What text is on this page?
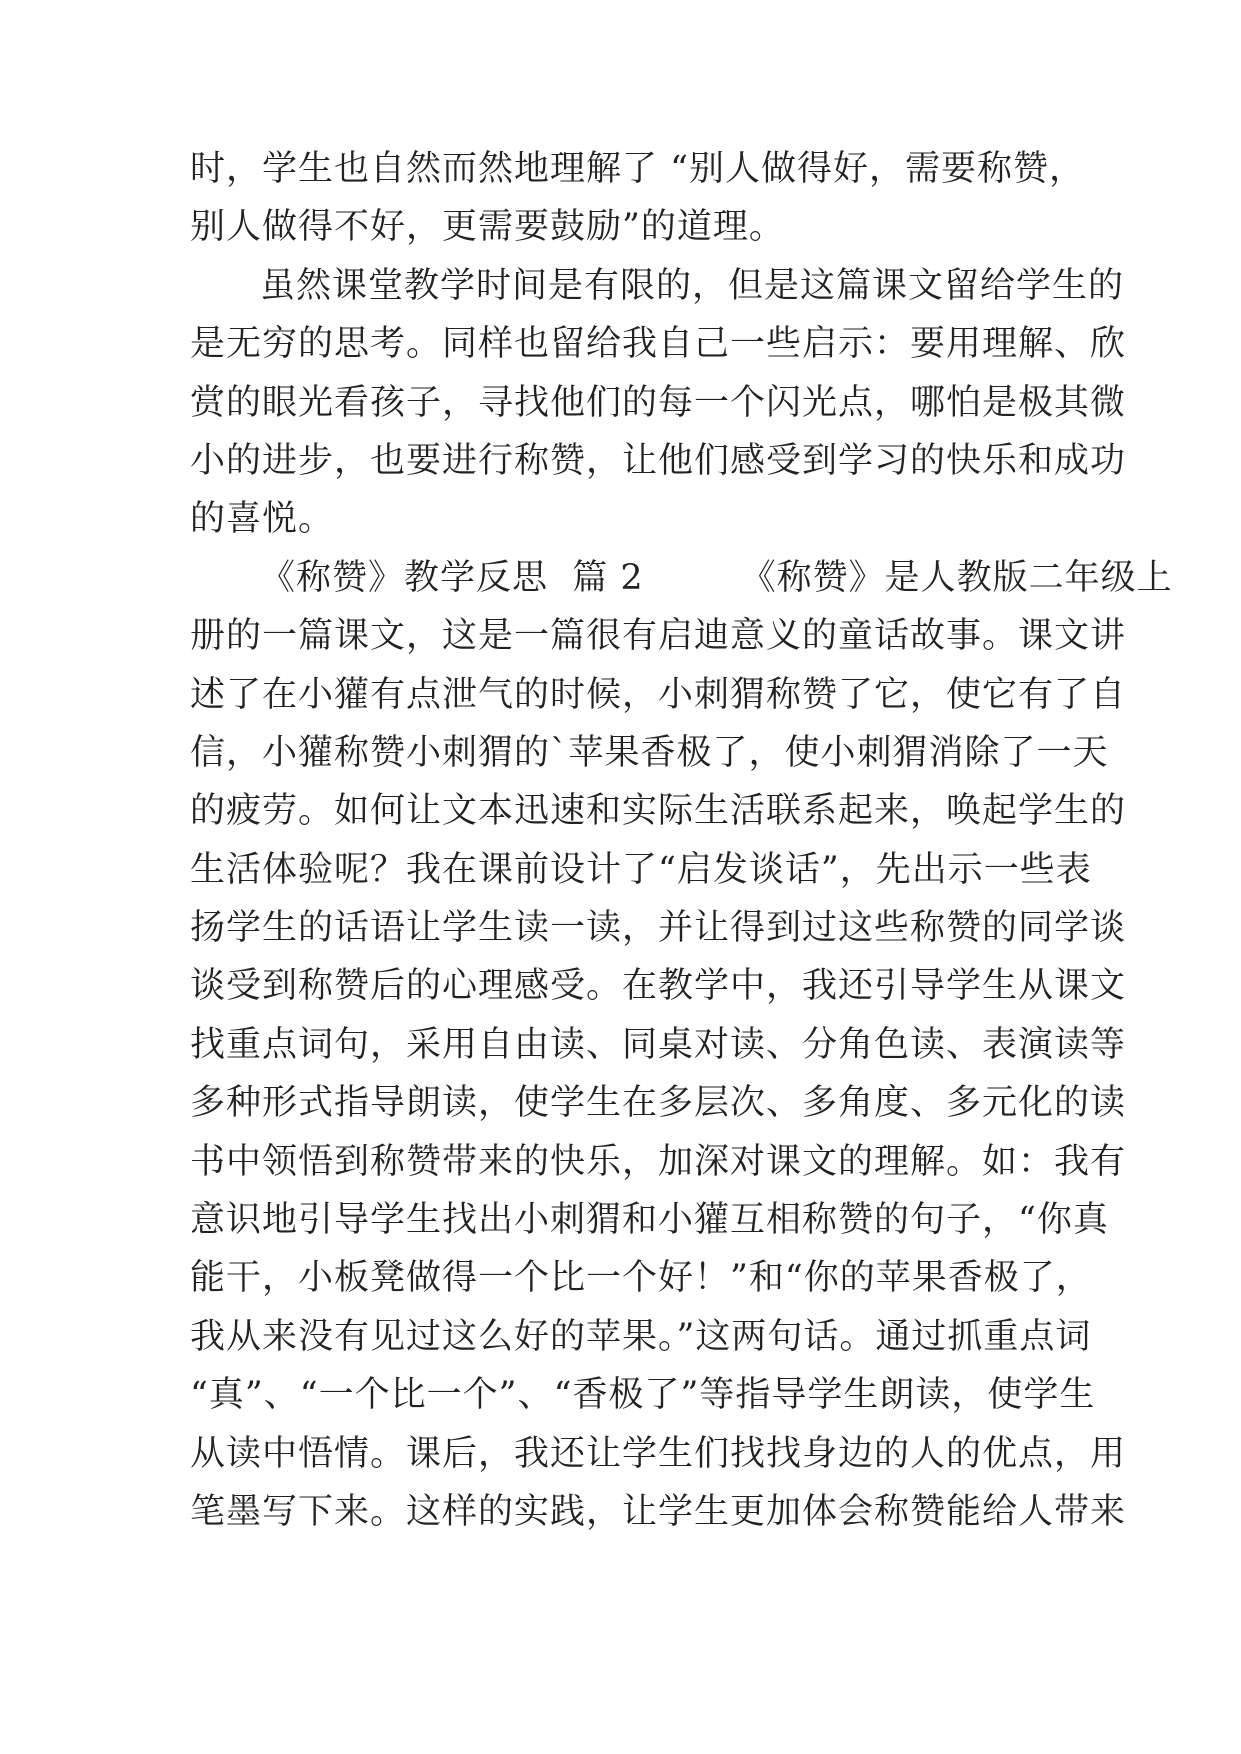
时，学生也自然而然地理解了 “别人做得好，需要称赞，
别人做得不好，更需要鼓励”的道理。
虽然课堂教学时间是有限的，但是这篇课文留给学生的
是无穷的思考。同样也留给我自己一些启示：要用理解、欣
赏的眼光看孩子，寻找他们的每一个闪光点，哪怕是极其微
小的进步，也要进行称赞，让他们感受到学习的快乐和成功
的喜悦。
《称赞》教学反思  篇 2        《称赞》是人教版二年级上
册的一篇课文，这是一篇很有启迪意义的童话故事。课文讲
述了在小獾有点泄气的时候，小刺猬称赞了它，使它有了自
信，小獾称赞小刺猬的`苹果香极了，使小刺猬消除了一天
的疲劳。如何让文本迅速和实际生活联系起来，唤起学生的
生活体验呢？我在课前设计了“启发谈话”，先出示一些表
扬学生的话语让学生读一读，并让得到过这些称赞的同学谈
谈受到称赞后的心理感受。在教学中，我还引导学生从课文
找重点词句，采用自由读、同桌对读、分角色读、表演读等
多种形式指导朗读，使学生在多层次、多角度、多元化的读
书中领悟到称赞带来的快乐，加深对课文的理解。如：我有
意识地引导学生找出小刺猬和小獾互相称赞的句子，“你真
能干，小板凳做得一个比一个好！”和“你的苹果香极了，
我从来没有见过这么好的苹果。”这两句话。通过抓重点词
“真”、“一个比一个”、“香极了”等指导学生朗读，使学生
从读中悟情。课后，我还让学生们找找身边的人的优点，用
笔墨写下来。这样的实践，让学生更加体会称赞能给人带来
